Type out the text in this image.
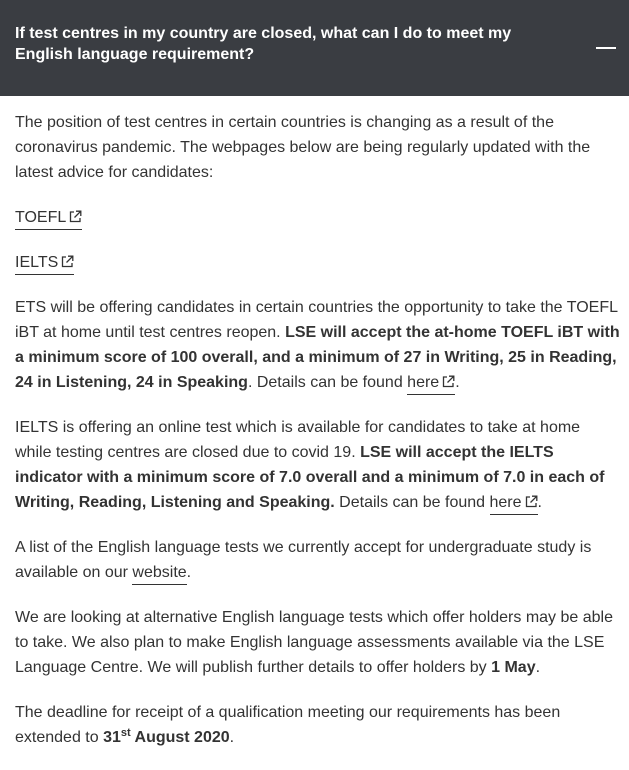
If test centres in my country are closed, what can I do to meet my English language requirement?

The position of test centres in certain countries is changing as a result of the coronavirus pandemic. The webpages below are being regularly updated with the latest advice for candidates:

TOEFL

IELTS

ETS will be offering candidates in certain countries the opportunity to take the TOEFL iBT at home until test centres reopen. LSE will accept the at-home TOEFL iBT with a minimum score of 100 overall, and a minimum of 27 in Writing, 25 in Reading, 24 in Listening, 24 in Speaking. Details can be found here .

IELTS is offering an online test which is available for candidates to take at home while testing centres are closed due to covid 19. LSE will accept the IELTS indicator with a minimum score of 7.0 overall and a minimum of 7.0 in each of Writing, Reading, Listening and Speaking. Details can be found here .

A list of the English language tests we currently accept for undergraduate study is available on our website.

We are looking at alternative English language tests which offer holders may be able to take. We also plan to make English language assessments available via the LSE Language Centre. We will publish further details to offer holders by 1 May.

The deadline for receipt of a qualification meeting our requirements has been extended to 31st August 2020.
